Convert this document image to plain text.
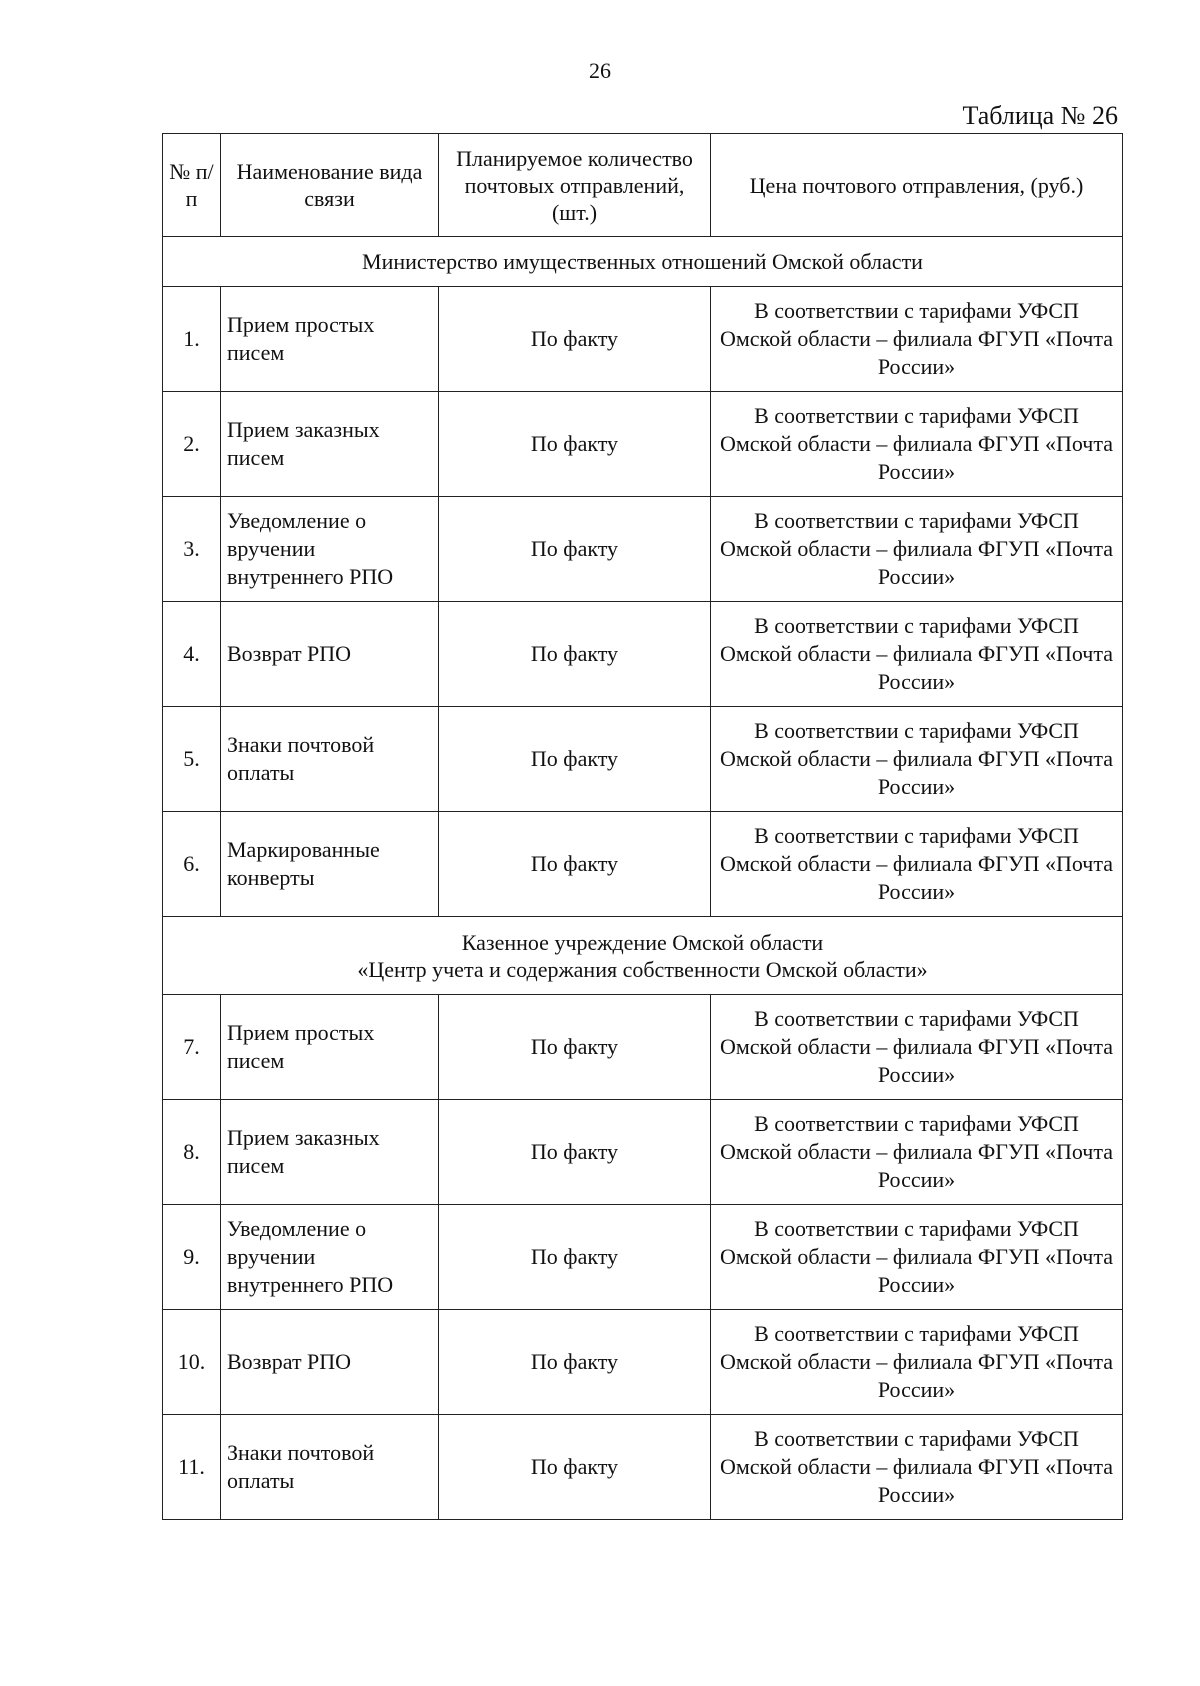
26
Таблица № 26
№ п/п	Наименование вида связи	Планируемое количество почтовых отправлений, (шт.)	Цена почтового отправления, (руб.)
Министерство имущественных отношений Омской области			
1.	Прием простых писем	По факту	В соответствии с тарифами УФСП Омской области – филиала ФГУП «Почта России»
2.	Прием заказных писем	По факту	В соответствии с тарифами УФСП Омской области – филиала ФГУП «Почта России»
3.	Уведомление о вручении внутреннего РПО	По факту	В соответствии с тарифами УФСП Омской области – филиала ФГУП «Почта России»
4.	Возврат РПО	По факту	В соответствии с тарифами УФСП Омской области – филиала ФГУП «Почта России»
5.	Знаки почтовой оплаты	По факту	В соответствии с тарифами УФСП Омской области – филиала ФГУП «Почта России»
6.	Маркированные конверты	По факту	В соответствии с тарифами УФСП Омской области – филиала ФГУП «Почта России»
Казенное учреждение Омской области
«Центр учета и содержания собственности Омской области»			
7.	Прием простых писем	По факту	В соответствии с тарифами УФСП Омской области – филиала ФГУП «Почта России»
8.	Прием заказных писем	По факту	В соответствии с тарифами УФСП Омской области – филиала ФГУП «Почта России»
9.	Уведомление о вручении внутреннего РПО	По факту	В соответствии с тарифами УФСП Омской области – филиала ФГУП «Почта России»
10.	Возврат РПО	По факту	В соответствии с тарифами УФСП Омской области – филиала ФГУП «Почта России»
11.	Знаки почтовой оплаты	По факту	В соответствии с тарифами УФСП Омской области – филиала ФГУП «Почта России»
